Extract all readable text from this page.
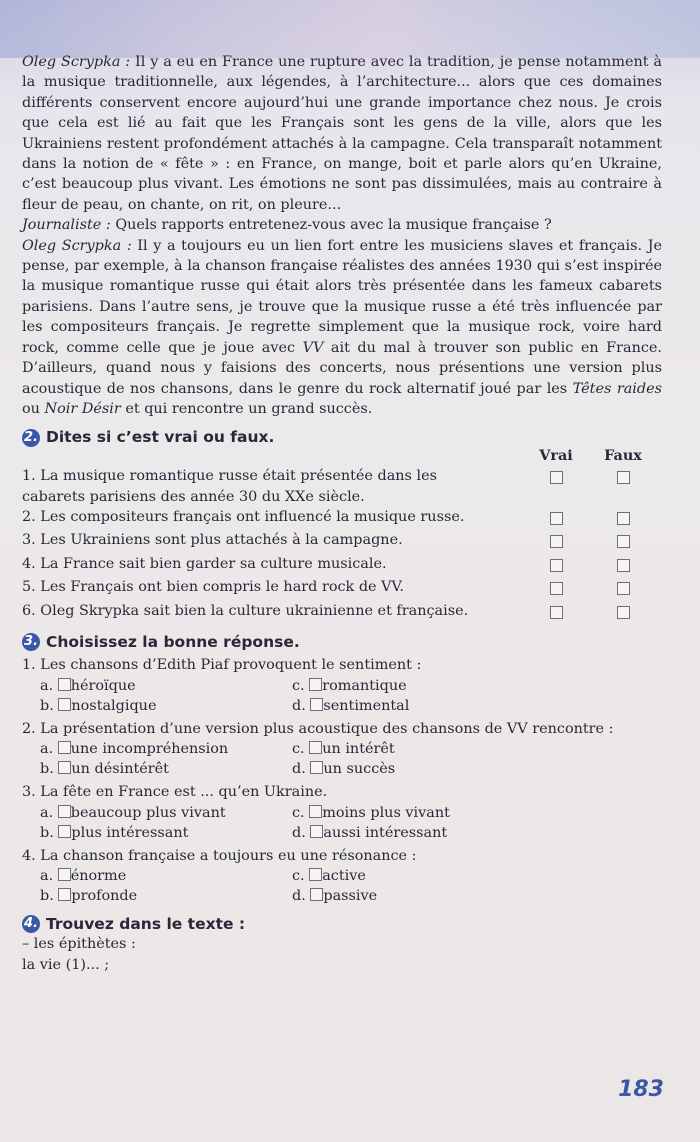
Oleg Scrypka : Il y a eu en France une rupture avec la tradition, je pense notamment à la musique traditionnelle, aux légendes, à l’architecture... alors que ces domaines différents conservent encore aujourd’hui une grande importance chez nous. Je crois que cela est lié au fait que les Français sont les gens de la ville, alors que les Ukrainiens restent profondément attachés à la campagne. Cela transparaît notamment dans la notion de « fête » : en France, on mange, boit et parle alors qu’en Ukraine, c’est beaucoup plus vivant. Les émotions ne sont pas dissimulées, mais au contraire à fleur de peau, on chante, on rit, on pleure...

Journaliste : Quels rapports entretenez-vous avec la musique française ?

Oleg Scrypka : Il y a toujours eu un lien fort entre les musiciens slaves et français. Je pense, par exemple, à la chanson française réalistes des années 1930 qui s’est inspirée la musique romantique russe qui était alors très présentée dans les fameux cabarets parisiens. Dans l’autre sens, je trouve que la musique russe a été très influencée par les compositeurs français. Je regrette simplement que la musique rock, voire hard rock, comme celle que je joue avec VV ait du mal à trouver son public en France. D’ailleurs, quand nous y faisions des concerts, nous présentions une version plus acoustique de nos chansons, dans le genre du rock alternatif joué par les Têtes raides ou Noir Désir et qui rencontre un grand succès.

2. Dites si c’est vrai ou faux.
Vrai	Faux
1. La musique romantique russe était présentée dans les cabarets parisiens des année 30 du XXe siècle.
2. Les compositeurs français ont influencé la musique russe.
3. Les Ukrainiens sont plus attachés à la campagne.
4. La France sait bien garder sa culture musicale.
5. Les Français ont bien compris le hard rock de VV.
6. Oleg Skrypka sait bien la culture ukrainienne et française.
3. Choisissez la bonne réponse.
1. Les chansons d’Edith Piaf provoquent le sentiment :
a. héroïque	c. romantique
b. nostalgique	d. sentimental
2. La présentation d’une version plus acoustique des chansons de VV rencontre :
a. une incompréhension	c. un intérêt
b. un désintérêt	d. un succès
3. La fête en France est ... qu’en Ukraine.
a. beaucoup plus vivant	c. moins plus vivant
b. plus intéressant	d. aussi intéressant
4. La chanson française a toujours eu une résonance :
a. énorme	c. active
b. profonde	d. passive
4. Trouvez dans le texte :
– les épithètes :
la vie (1)... ;
183
